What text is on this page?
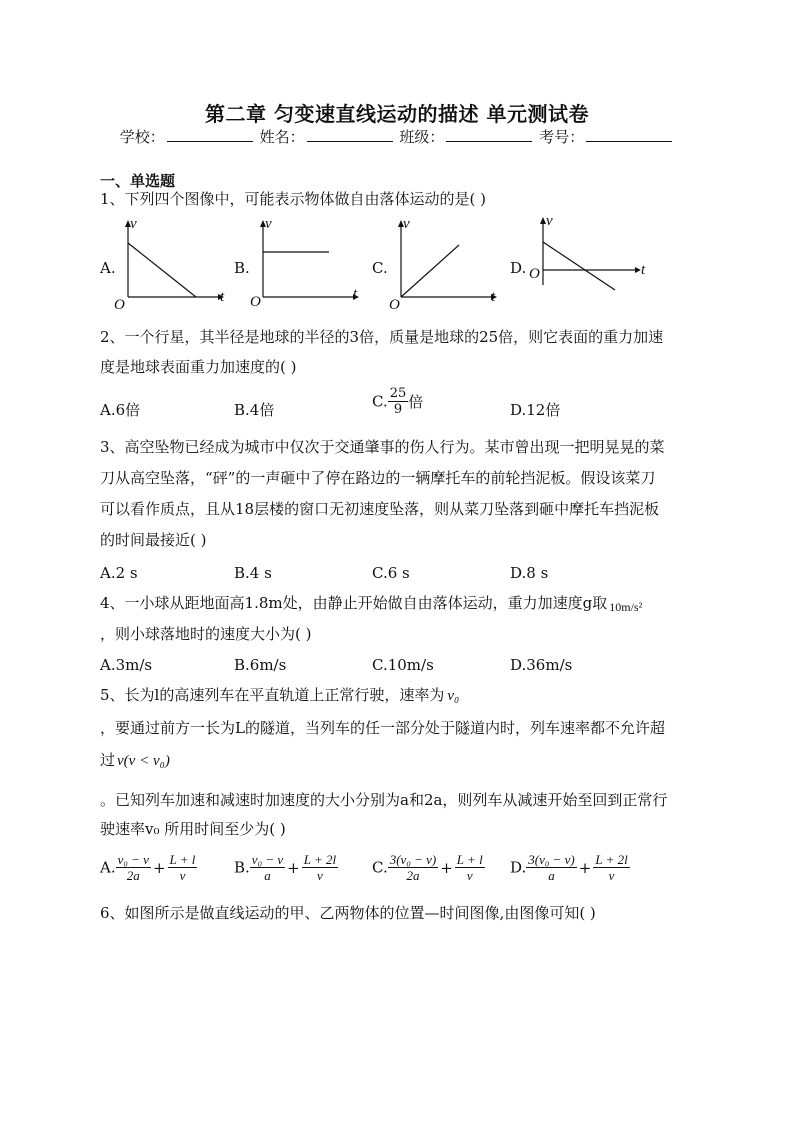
第二章 匀变速直线运动的描述 单元测试卷
学校：	姓名：	班级：	考号：
一、单选题
1、下列四个图像中，可能表示物体做自由落体运动的是( )
A.	B.	C.	D.
v
t
O
v
t
O
v
t
O
v
t
O
2、一个行星，其半径是地球的半径的3倍，质量是地球的25倍，则它表面的重力加速
度是地球表面重力加速度的( )
A.6倍	B.4倍	C. $\frac{25}{9}$ 倍	D.12倍
3、高空坠物已经成为城市中仅次于交通肇事的伤人行为。某市曾出现一把明晃晃的菜
刀从高空坠落，“砰”的一声砸中了停在路边的一辆摩托车的前轮挡泥板。假设该菜刀
可以看作质点，且从18层楼的窗口无初速度坠落，则从菜刀坠落到砸中摩托车挡泥板
的时间最接近( )
A.2 s	B.4 s	C.6 s	D.8 s
4、一小球从距地面高1.8m处，由静止开始做自由落体运动，重力加速度g取 $_{10m/s^2}$
，则小球落地时的速度大小为( )
A.3m/s	B.6m/s	C.10m/s	D.36m/s
5、长为l的高速列车在平直轨道上正常行驶，速率为 v₀
，要通过前方一长为L的隧道，当列车的任一部分处于隧道内时，列车速率都不允许超
过 v(v < v₀)
。已知列车加速和减速时加速度的大小分别为a和2a，则列车从减速开始至回到正常行
驶速率v₀ 所用时间至少为( )
A. $\frac{\text{v₀ − v}}{2a} + \frac{L + l}{v} B$. $\frac{\text{v₀ − v}}{a} + \frac{L + 2l}{v} C$. $\frac{\text{3(v₀ − v)}}{2a} + \frac{L + l}{v} D$. $\frac{\text{3(v₀ − v)}}{a} + \frac{L + 2l}{v}$
6、如图所示是做直线运动的甲、乙两物体的位置—时间图像,由图像可知( )
